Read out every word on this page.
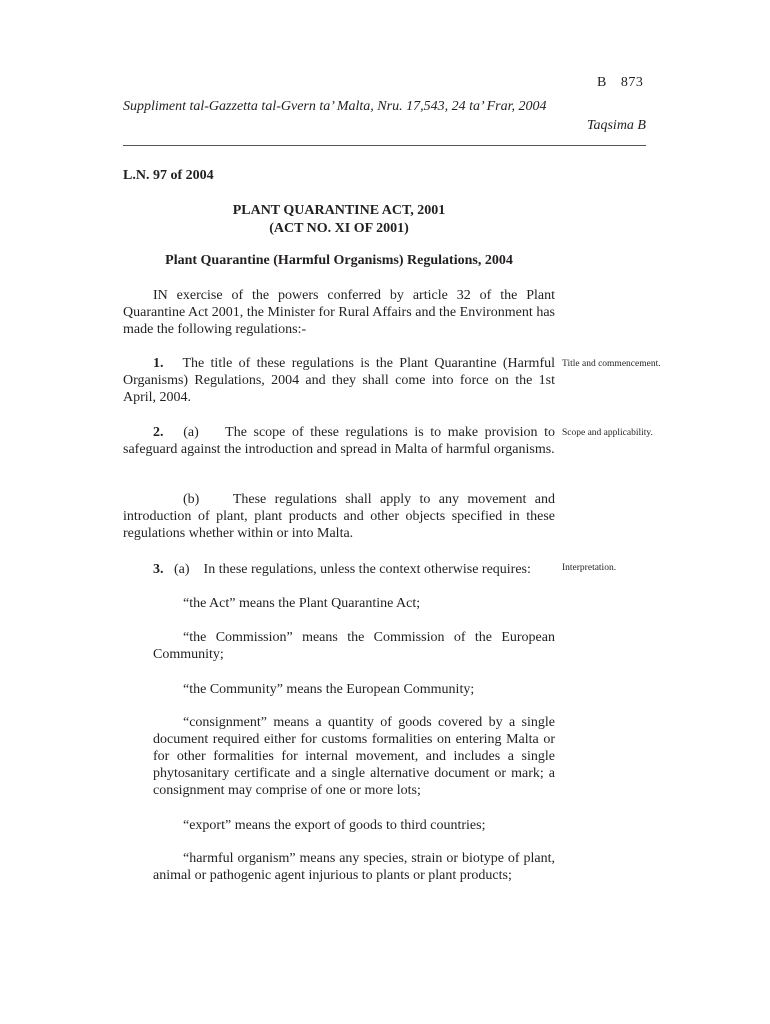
B 873
Suppliment tal-Gazzetta tal-Gvern ta’ Malta, Nru. 17,543, 24 ta’ Frar, 2004
Taqsima B
L.N. 97 of 2004
PLANT QUARANTINE ACT, 2001
(ACT NO. XI OF 2001)
Plant Quarantine (Harmful Organisms) Regulations, 2004
IN exercise of the powers conferred by article 32 of the Plant Quarantine Act 2001, the Minister for Rural Affairs and the Environment has made the following regulations:-
1. The title of these regulations is the Plant Quarantine (Harmful Organisms) Regulations, 2004 and they shall come into force on the 1st April, 2004.
Title and commencement.
2. (a) The scope of these regulations is to make provision to safeguard against the introduction and spread in Malta of harmful organisms.
Scope and applicability.
(b) These regulations shall apply to any movement and introduction of plant, plant products and other objects specified in these regulations whether within or into Malta.
3. (a) In these regulations, unless the context otherwise requires:	Interpretation.
“the Act” means the Plant Quarantine Act;
“the Commission” means the Commission of the European Community;
“the Community” means the European Community;
“consignment” means a quantity of goods covered by a single document required either for customs formalities on entering Malta or for other formalities for internal movement, and includes a single phytosanitary certificate and a single alternative document or mark; a consignment may comprise of one or more lots;
“export” means the export of goods to third countries;
“harmful organism” means any species, strain or biotype of plant, animal or pathogenic agent injurious to plants or plant products;
